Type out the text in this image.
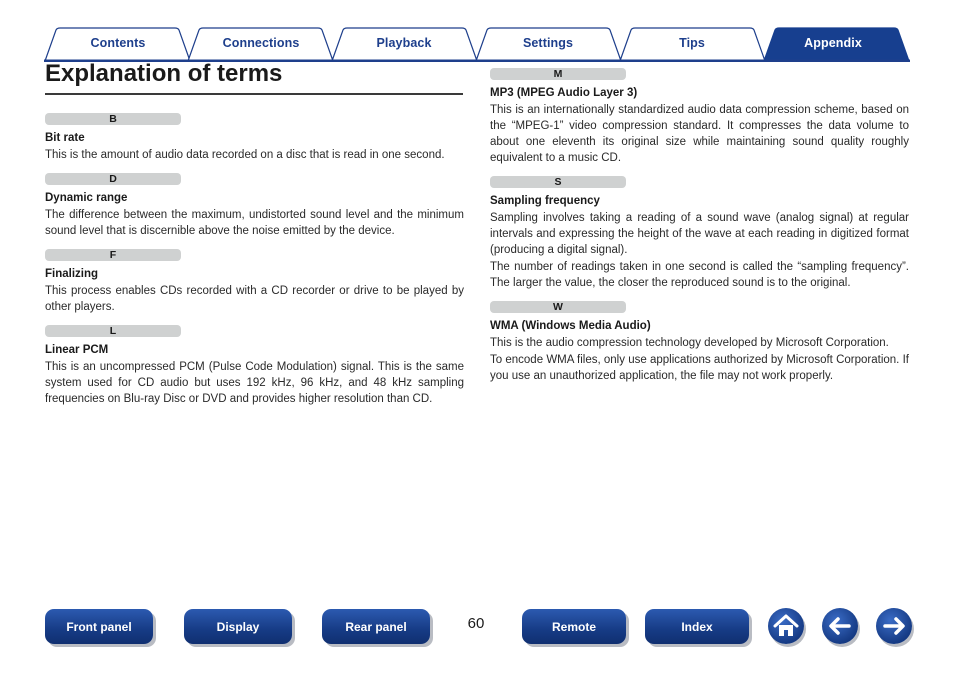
Contents	Connections	Playback	Settings	Tips	Appendix
Explanation of terms
B
Bit rate

This is the amount of audio data recorded on a disc that is read in one second.

D
Dynamic range

The difference between the maximum, undistorted sound level and the minimum sound level that is discernible above the noise emitted by the device.

F
Finalizing

This process enables CDs recorded with a CD recorder or drive to be played by other players.

L
Linear PCM

This is an uncompressed PCM (Pulse Code Modulation) signal. This is the same system used for CD audio but uses 192 kHz, 96 kHz, and 48 kHz sampling frequencies on Blu-ray Disc or DVD and provides higher resolution than CD.

M
MP3 (MPEG Audio Layer 3)

This is an internationally standardized audio data compression scheme, based on the “MPEG-1” video compression standard. It compresses the data volume to about one eleventh its original size while maintaining sound quality roughly equivalent to a music CD.

S
Sampling frequency

Sampling involves taking a reading of a sound wave (analog signal) at regular intervals and expressing the height of the wave at each reading in digitized format (producing a digital signal).

The number of readings taken in one second is called the “sampling frequency”. The larger the value, the closer the reproduced sound is to the original.

W
WMA (Windows Media Audio)

This is the audio compression technology developed by Microsoft Corporation.

To encode WMA files, only use applications authorized by Microsoft Corporation. If you use an unauthorized application, the file may not work properly.

Front panel	Display	Rear panel	60	Remote	Index
